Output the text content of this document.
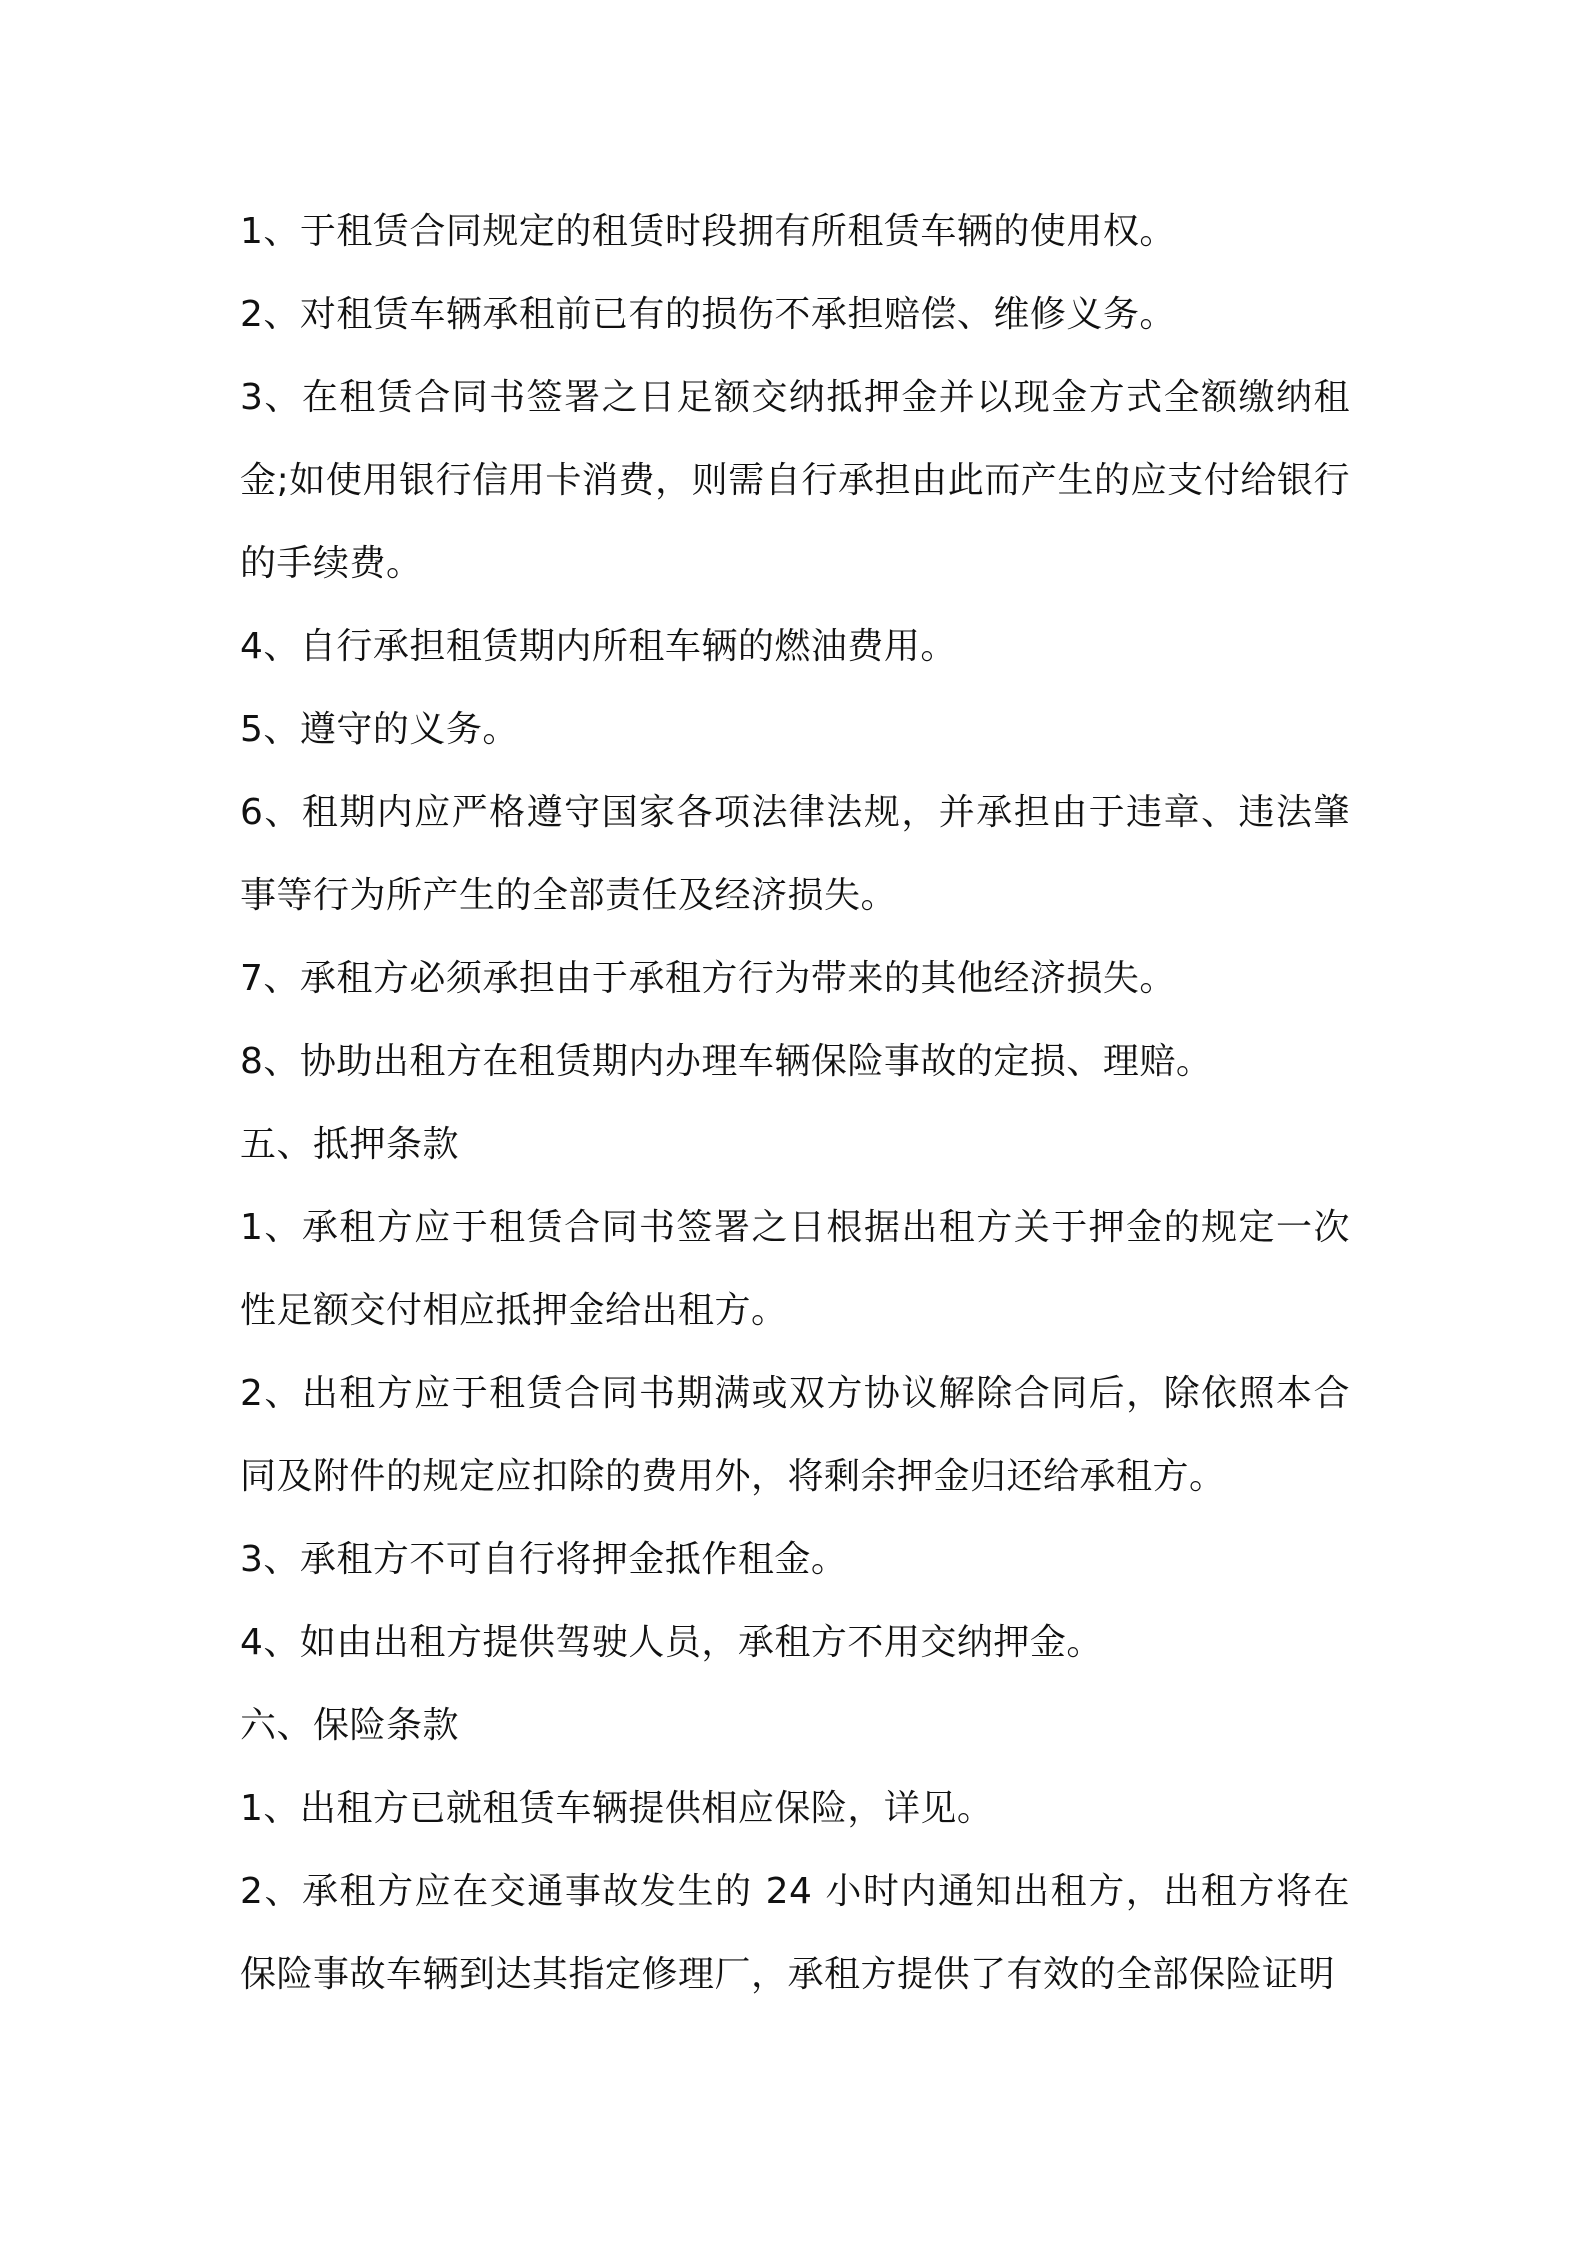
1、于租赁合同规定的租赁时段拥有所租赁车辆的使用权。

2、对租赁车辆承租前已有的损伤不承担赔偿、维修义务。

3、在租赁合同书签署之日足额交纳抵押金并以现金方式全额缴纳租金;如使用银行信用卡消费，则需自行承担由此而产生的应支付给银行的手续费。

4、自行承担租赁期内所租车辆的燃油费用。

5、遵守的义务。

6、租期内应严格遵守国家各项法律法规，并承担由于违章、违法肇事等行为所产生的全部责任及经济损失。

7、承租方必须承担由于承租方行为带来的其他经济损失。

8、协助出租方在租赁期内办理车辆保险事故的定损、理赔。

五、抵押条款

1、承租方应于租赁合同书签署之日根据出租方关于押金的规定一次性足额交付相应抵押金给出租方。

2、出租方应于租赁合同书期满或双方协议解除合同后，除依照本合同及附件的规定应扣除的费用外，将剩余押金归还给承租方。

3、承租方不可自行将押金抵作租金。

4、如由出租方提供驾驶人员，承租方不用交纳押金。

六、保险条款

1、出租方已就租赁车辆提供相应保险，详见。

2、承租方应在交通事故发生的 24 小时内通知出租方，出租方将在保险事故车辆到达其指定修理厂，承租方提供了有效的全部保险证明
